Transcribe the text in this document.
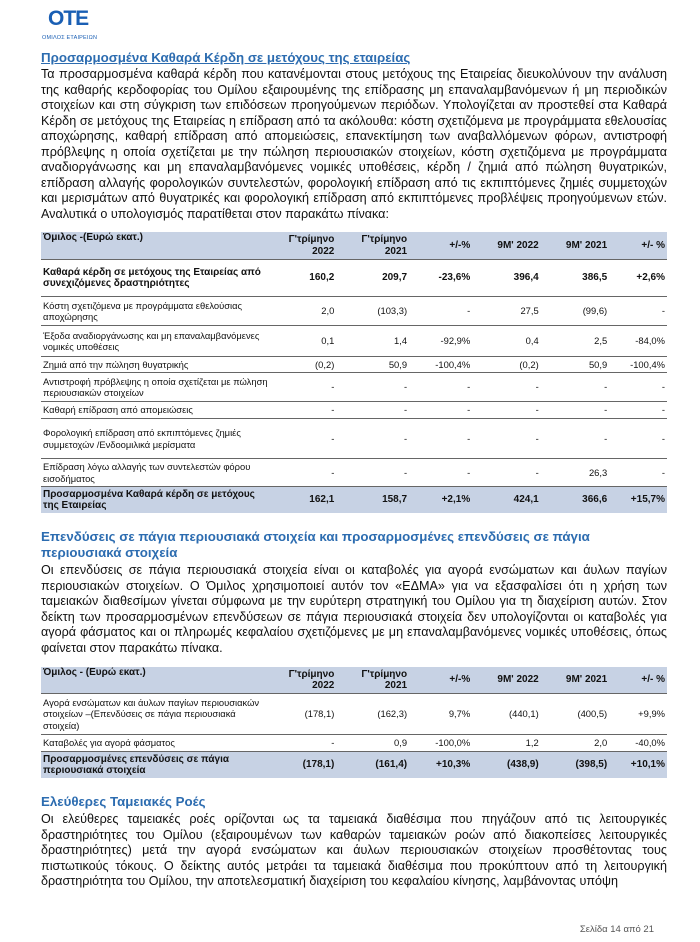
ΟΤΕ
ΟΜΙΛΟΣ ΕΤΑΙΡΕΙΩΝ
Προσαρμοσμένα Καθαρά Κέρδη σε μετόχους της εταιρείας

Τα προσαρμοσμένα καθαρά κέρδη που κατανέμονται στους μετόχους της Εταιρείας διευκολύνουν την ανάλυση της καθαρής κερδοφορίας του Ομίλου εξαιρουμένης της επίδρασης μη επαναλαμβανόμενων ή μη περιοδικών στοιχείων και στη σύγκριση των επιδόσεων προηγούμενων περιόδων. Υπολογίζεται αν προστεθεί στα Καθαρά Κέρδη σε μετόχους της Εταιρείας η επίδραση από τα ακόλουθα: κόστη σχετιζόμενα με προγράμματα εθελουσίας αποχώρησης, καθαρή επίδραση από απομειώσεις, επανεκτίμηση των αναβαλλόμενων φόρων, αντιστροφή πρόβλεψης η οποία σχετίζεται με την πώληση περιουσιακών στοιχείων, κόστη σχετιζόμενα με προγράμματα αναδιοργάνωσης και μη επαναλαμβανόμενες νομικές υποθέσεις, κέρδη / ζημιά από πώληση θυγατρικών, επίδραση αλλαγής φορολογικών συντελεστών, φορολογική επίδραση από τις εκπιπτόμενες ζημιές συμμετοχών και μερισμάτων από θυγατρικές και φορολογική επίδραση από εκπιπτόμενες προβλέψεις προηγούμενων ετών. Αναλυτικά ο υπολογισμός παρατίθεται στον παρακάτω πίνακα:

Όμιλος -(Ευρώ εκατ.)	Γ'τρίμηνο 2022	Γ'τρίμηνο 2021	+/-%	9M' 2022	9M' 2021	+/- %
Καθαρά κέρδη σε μετόχους της Εταιρείας από συνεχιζόμενες δραστηριότητες	160,2	209,7	-23,6%	396,4	386,5	+2,6%
Κόστη σχετιζόμενα με προγράμματα εθελούσιας αποχώρησης	2,0	(103,3)	-	27,5	(99,6)	-
Έξοδα αναδιοργάνωσης και μη επαναλαμβανόμενες νομικές υποθέσεις	0,1	1,4	-92,9%	0,4	2,5	-84,0%
Ζημιά από την πώληση θυγατρικής	(0,2)	50,9	-100,4%	(0,2)	50,9	-100,4%
Αντιστροφή πρόβλεψης η οποία σχετίζεται με πώληση περιουσιακών στοιχείων	-	-	-	-	-	-
Καθαρή επίδραση από απομειώσεις	-	-	-	-	-	-
Φορολογική επίδραση από εκπιπτόμενες ζημιές συμμετοχών /Ενδοομιλικά μερίσματα	-	-	-	-	-	-
Επίδραση λόγω αλλαγής των συντελεστών φόρου εισοδήματος	-	-	-	-	26,3	-
Προσαρμοσμένα Καθαρά κέρδη σε μετόχους της Εταιρείας	162,1	158,7	+2,1%	424,1	366,6	+15,7%
Επενδύσεις σε πάγια περιουσιακά στοιχεία και προσαρμοσμένες επενδύσεις σε πάγια περιουσιακά στοιχεία

Οι επενδύσεις σε πάγια περιουσιακά στοιχεία είναι οι καταβολές για αγορά ενσώματων και άυλων παγίων περιουσιακών στοιχείων. Ο Όμιλος χρησιμοποιεί αυτόν τον «ΕΔΜΑ» για να εξασφαλίσει ότι η χρήση των ταμειακών διαθεσίμων γίνεται σύμφωνα με την ευρύτερη στρατηγική του Ομίλου για τη διαχείριση αυτών. Στον δείκτη των προσαρμοσμένων επενδύσεων σε πάγια περιουσιακά στοιχεία δεν υπολογίζονται οι καταβολές για αγορά φάσματος και οι πληρωμές κεφαλαίου σχετιζόμενες με μη επαναλαμβανόμενες νομικές υποθέσεις, όπως φαίνεται στον παρακάτω πίνακα.

Όμιλος - (Ευρώ εκατ.)	Γ'τρίμηνο 2022	Γ'τρίμηνο 2021	+/-%	9M' 2022	9M' 2021	+/- %
Αγορά ενσώματων και άυλων παγίων περιουσιακών στοιχείων –(Επενδύσεις σε πάγια περιουσιακά στοιχεία)	(178,1)	(162,3)	9,7%	(440,1)	(400,5)	+9,9%
Καταβολές για αγορά φάσματος	-	0,9	-100,0%	1,2	2,0	-40,0%
Προσαρμοσμένες επενδύσεις σε πάγια περιουσιακά στοιχεία	(178,1)	(161,4)	+10,3%	(438,9)	(398,5)	+10,1%
Ελεύθερες Ταμειακές Ροές

Οι ελεύθερες ταμειακές ροές ορίζονται ως τα ταμειακά διαθέσιμα που πηγάζουν από τις λειτουργικές δραστηριότητες του Ομίλου (εξαιρουμένων των καθαρών ταμειακών ροών από διακοπείσες λειτουργικές δραστηριότητες) μετά την αγορά ενσώματων και άυλων περιουσιακών στοιχείων προσθέτοντας τους πιστωτικούς τόκους. Ο δείκτης αυτός μετράει τα ταμειακά διαθέσιμα που προκύπτουν από τη λειτουργική δραστηριότητα του Ομίλου, την αποτελεσματική διαχείριση του κεφαλαίου κίνησης, λαμβάνοντας υπόψη

Σελίδα 14 από 21
